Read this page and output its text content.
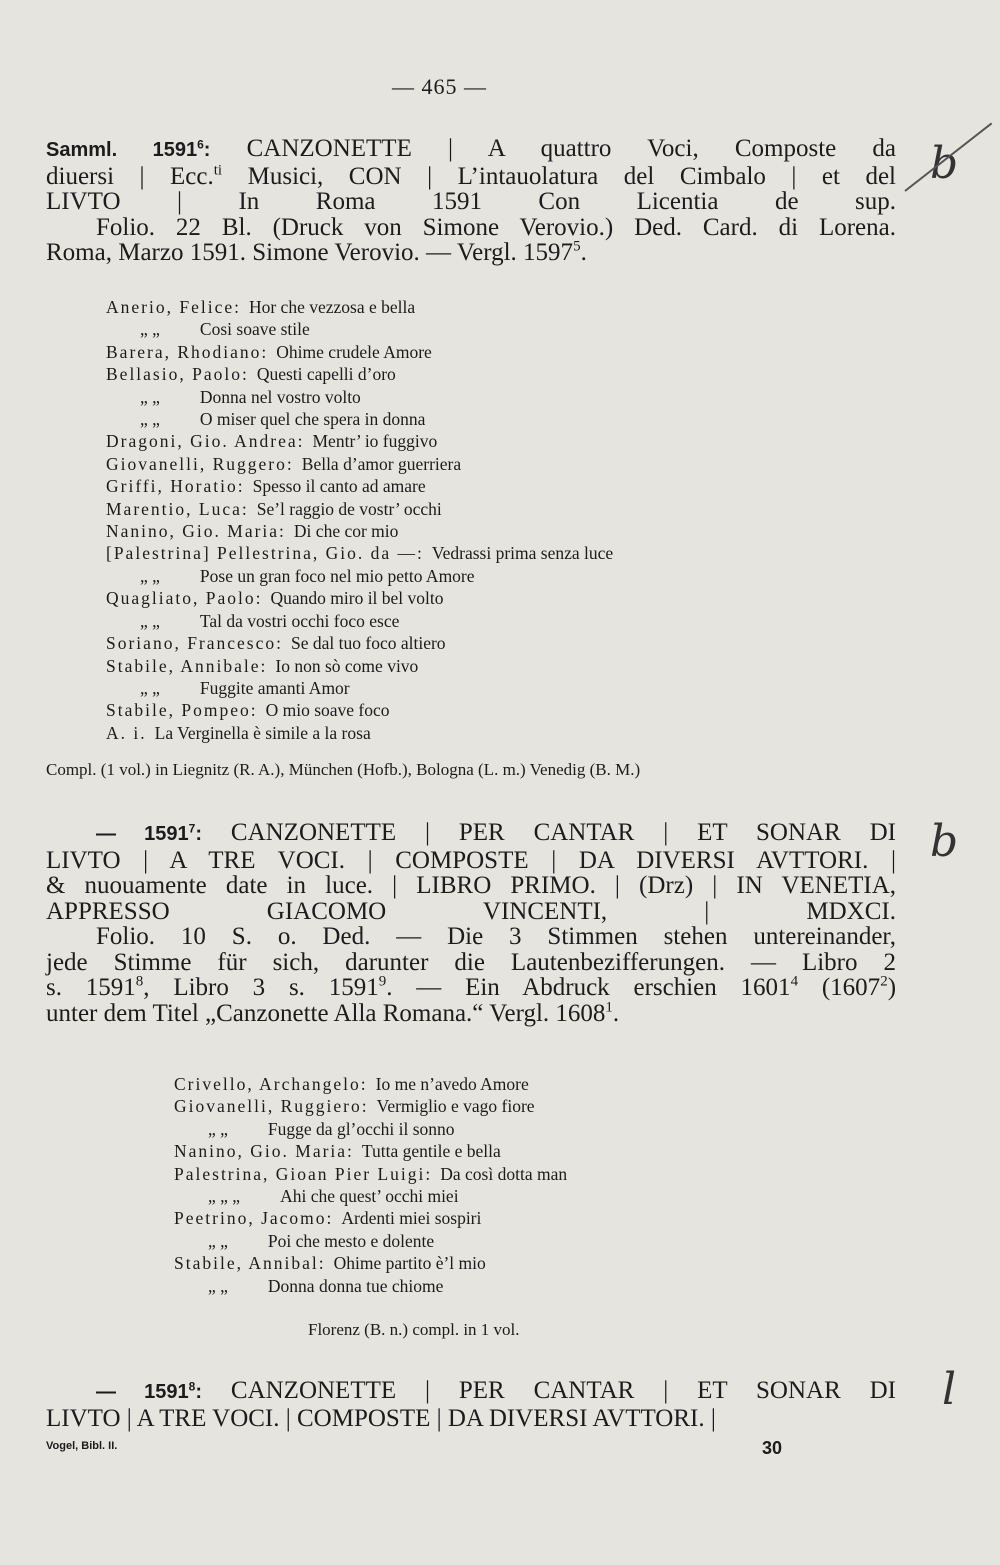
— 465 —
Samml. 1591$^6$: CANZONETTE | A quattro Voci, Composte da
diuersi | Ecc.$^{ti}$ Musici, CON | L’intauolatura del Cimbalo | et del
LIVTO | In Roma 1591 Con Licentia de sup.
Folio. 22 Bl. (Druck von Simone Verovio.) Ded. Card. di Lorena.
Roma, Marzo 1591. Simone Verovio. — Vergl. 1597$^5$.
Anerio, Felice: Hor che vezzosa e bella
„ „ Cosi soave stile
Barera, Rhodiano: Ohime crudele Amore
Bellasio, Paolo: Questi capelli d’oro
„ „ Donna nel vostro volto
„ „ O miser quel che spera in donna
Dragoni, Gio. Andrea: Mentr’ io fuggivo
Giovanelli, Ruggero: Bella d’amor guerriera
Griffi, Horatio: Spesso il canto ad amare
Marentio, Luca: Se’l raggio de vostr’ occhi
Nanino, Gio. Maria: Di che cor mio
[Palestrina] Pellestrina, Gio. da —: Vedrassi prima senza luce
„ „ Pose un gran foco nel mio petto Amore
Quagliato, Paolo: Quando miro il bel volto
„ „ Tal da vostri occhi foco esce
Soriano, Francesco: Se dal tuo foco altiero
Stabile, Annibale: Io non sò come vivo
„ „ Fuggite amanti Amor
Stabile, Pompeo: O mio soave foco
A. i. La Verginella è simile a la rosa
Compl. (1 vol.) in Liegnitz (R. A.), München (Hofb.), Bologna (L. m.) Venedig (B. M.)
— 1591$^7$: CANZONETTE | PER CANTAR | ET SONAR DI
LIVTO | A TRE VOCI. | COMPOSTE | DA DIVERSI AVTTORI. |
& nuouamente date in luce. | LIBRO PRIMO. | (Drz) | IN VENETIA,
APPRESSO GIACOMO VINCENTI, | MDXCI.
Folio. 10 S. o. Ded. — Die 3 Stimmen stehen untereinander,
jede Stimme für sich, darunter die Lautenbezifferungen. — Libro 2
s. 1591$^8$, Libro 3 s. 1591$^9$. — Ein Abdruck erschien 1601$^4$ (1607$^2$)
unter dem Titel „Canzonette Alla Romana.“ Vergl. 1608$^1$.
Crivello, Archangelo: Io me n’avedo Amore
Giovanelli, Ruggiero: Vermiglio e vago fiore
„ „ Fugge da gl’occhi il sonno
Nanino, Gio. Maria: Tutta gentile e bella
Palestrina, Gioan Pier Luigi: Da così dotta man
„ „ „ Ahi che quest’ occhi miei
Peetrino, Jacomo: Ardenti miei sospiri
„ „ Poi che mesto e dolente
Stabile, Annibal: Ohime partito è’l mio
„ „ Donna donna tue chiome
Florenz (B. n.) compl. in 1 vol.
— 1591$^8$: CANZONETTE | PER CANTAR | ET SONAR DI
LIVTO | A TRE VOCI. | COMPOSTE | DA DIVERSI AVTTORI. |
Vogel, Bibl. II.	30
b
b
l
